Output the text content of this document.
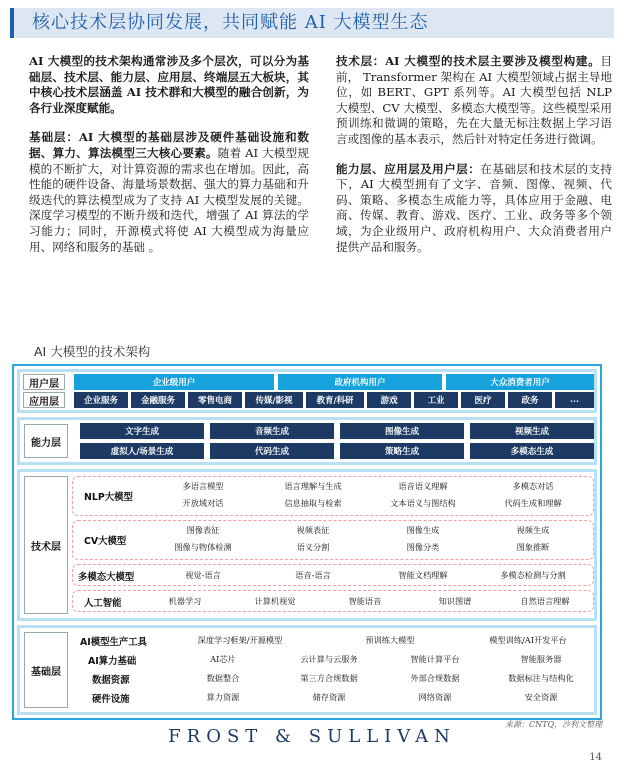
核心技术层协同发展，共同赋能 AI 大模型生态

AI 大模型的技术架构通常涉及多个层次，可以分为基础层、技术层、能力层、应用层、终端层五大板块，其中核心技术层涵盖 AI 技术群和大模型的融合创新，为各行业深度赋能。

基础层：AI 大模型的基础层涉及硬件基础设施和数据、算力、算法模型三大核心要素。随着 AI 大模型规模的不断扩大，对计算资源的需求也在增加。因此，高性能的硬件设备、海量场景数据、强大的算力基础和升级迭代的算法模型成为了支持 AI 大模型发展的关键。深度学习模型的不断升级和迭代，增强了 AI 算法的学习能力；同时，开源模式将使 AI 大模型成为海量应用、网络和服务的基础 。

技术层：AI 大模型的技术层主要涉及模型构建。目前， Transformer 架构在 AI 大模型领域占据主导地位，如 BERT、GPT 系列等。AI 大模型包括 NLP 大模型、CV 大模型、多模态大模型等。这些模型采用预训练和微调的策略，先在大量无标注数据上学习语言或图像的基本表示，然后针对特定任务进行微调。

能力层、应用层及用户层：在基础层和技术层的支持下，AI 大模型拥有了文字、音频、图像、视频、代码、策略、多模态生成能力等，具体应用于金融、电商、传媒、教育、游戏、医疗、工业、政务等多个领域，为企业级用户、政府机构用户、大众消费者用户提供产品和服务。

AI 大模型的技术架构
用户层
应用层
企业级用户	政府机构用户	大众消费者用户
企业服务	金融服务	零售电商	传媒/影视	教育/科研	游戏	工业	医疗	政务	...
能力层
文字生成	音频生成	图像生成	视频生成
虚拟人/场景生成	代码生成	策略生成	多模态生成
技术层
NLP大模型
多语言模型	语言理解与生成	语音语义理解	多模态对话
开放域对话	信息抽取与检索	文本语义与图结构	代码生成和理解
CV大模型
图像表征	视频表征	图像生成	视频生成
图像与物体检测	语义分割	图像分类	图象推断
多模态大模型	视觉-语言	语音-语言	智能文档理解	多模态检测与分割
人工智能	机器学习	计算机视觉	智能语音	知识图谱	自然语言理解
基础层
AI模型生产工具	深度学习框架/开源模型	预训练大模型	模型训练/AI开发平台
AI算力基础	AI芯片	云计算与云服务	智能计算平台	智能服务器
数据资源	数据整合	第三方合规数据	外部合规数据	数据标注与结构化
硬件设施	算力资源	储存资源	网络资源	安全资源
来源：CNTQ，沙利文整理
FROST & SULLIVAN
14
